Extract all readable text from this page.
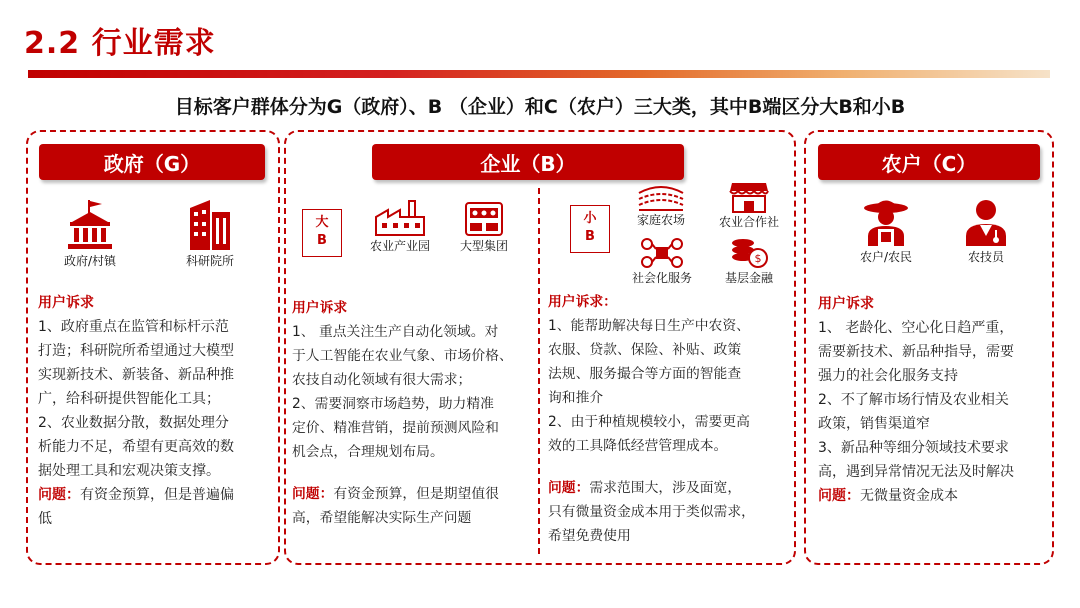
2.2 行业需求
目标客户群体分为G（政府）、B （企业）和C（农户）三大类，其中B端区分大B和小B
政府（G）
政府/村镇	科研院所
用户诉求
1、政府重点在监管和标杆示范
打造；科研院所希望通过大模型
实现新技术、新装备、新品种推
广，给科研提供智能化工具；
2、农业数据分散，数据处理分
析能力不足，希望有更高效的数
据处理工具和宏观决策支撑。
问题：有资金预算，但是普遍偏
低
企业（B）
大
B	农业产业园	大型集团
用户诉求
1、 重点关注生产自动化领域。对
于人工智能在农业气象、市场价格、
农技自动化领域有很大需求；
2、需要洞察市场趋势，助力精准
定价、精准营销，提前预测风险和
机会点，合理规划布局。
问题：有资金预算，但是期望值很
高，希望能解决实际生产问题
小
B
家庭农场	农业合作社
社会化服务
$
基层金融
用户诉求：
1、能帮助解决每日生产中农资、
农服、贷款、保险、补贴、政策
法规、服务撮合等方面的智能查
询和推介
2、由于种植规模较小，需要更高
效的工具降低经营管理成本。
问题：需求范围大，涉及面宽，
只有微量资金成本用于类似需求，
希望免费使用
农户（C）
农户/农民	农技员
用户诉求
1、 老龄化、空心化日趋严重，
需要新技术、新品种指导，需要
强力的社会化服务支持
2、不了解市场行情及农业相关
政策，销售渠道窄
3、新品种等细分领域技术要求
高，遇到异常情况无法及时解决
问题：无微量资金成本
